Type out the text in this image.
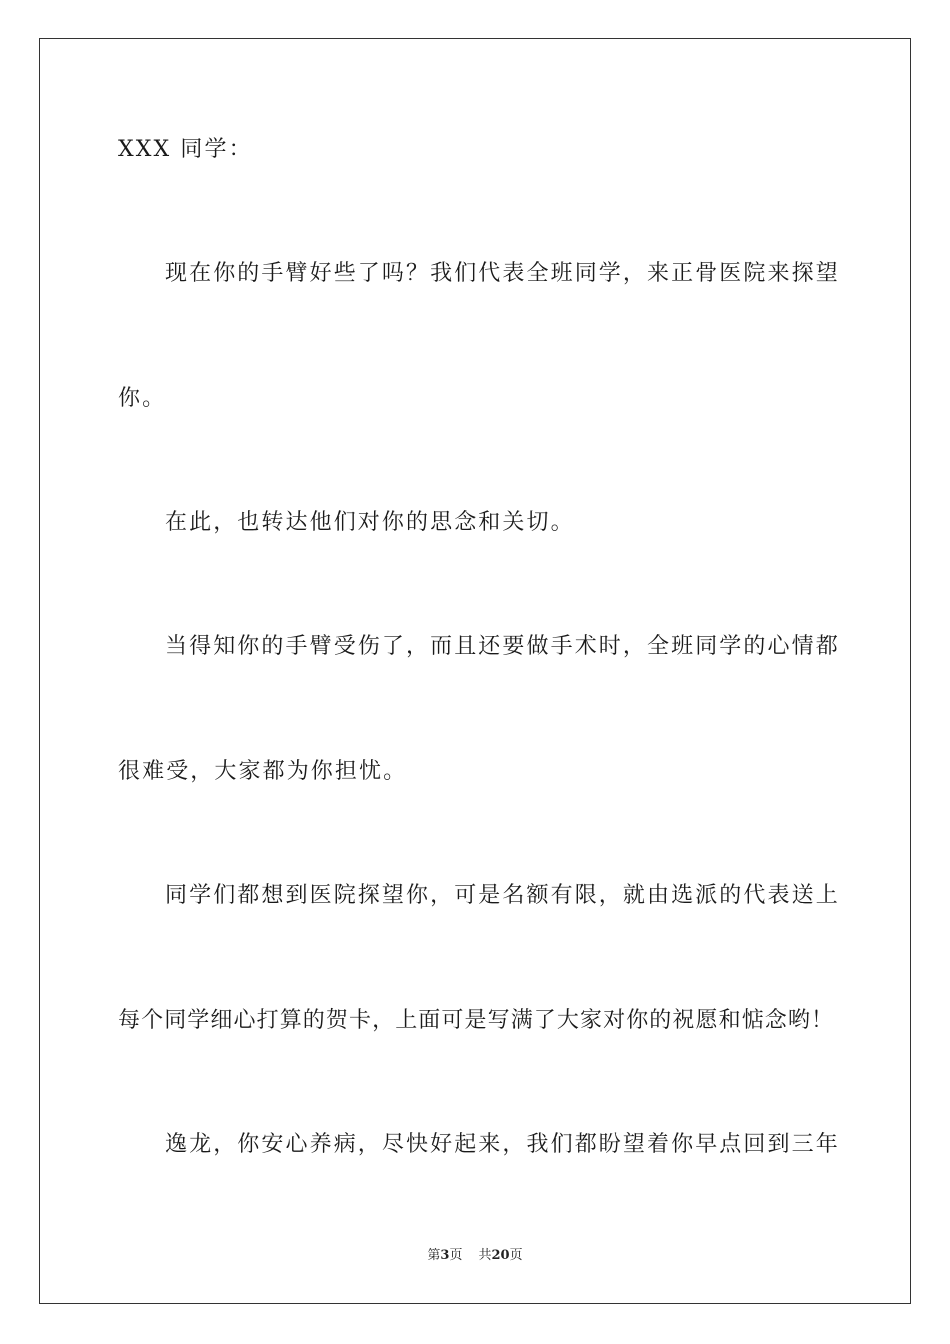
XXX 同学：
现在你的手臂好些了吗？我们代表全班同学，来正骨医院来探望
你。
在此，也转达他们对你的思念和关切。
当得知你的手臂受伤了，而且还要做手术时，全班同学的心情都
很难受，大家都为你担忧。
同学们都想到医院探望你，可是名额有限，就由选派的代表送上
每个同学细心打算的贺卡，上面可是写满了大家对你的祝愿和惦念哟！
逸龙，你安心养病，尽快好起来，我们都盼望着你早点回到三年
第3页 共20页
